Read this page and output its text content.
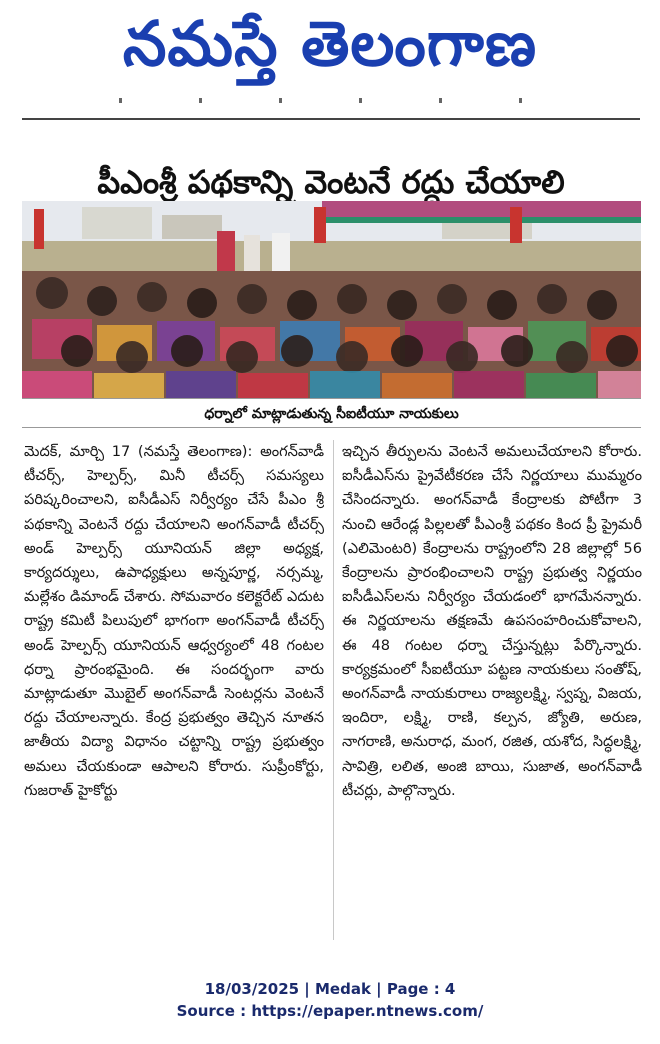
నమస్తే తెలంగాణ
పీఎంశ్రీ పథకాన్ని వెంటనే రద్దు చేయాలి
ధర్నాలో మాట్లాడుతున్న సీఐటీయూ నాయకులు

మెదక్, మార్చి 17 (నమస్తే తెలంగాణ): అంగన్‌వాడీ టీచర్స్, హెల్పర్స్, మినీ టీచర్స్ సమస్యలు పరిష్కరించాలని, ఐసీడీఎస్‌ నిర్వీర్యం చేసే పీఎం శ్రీ పథకాన్ని వెంటనే రద్దు చేయాలని అంగన్‌వాడీ టీచర్స్ అండ్ హెల్పర్స్ యూనియన్ జిల్లా అధ్యక్ష, కార్యదర్శులు, ఉపాధ్యక్షులు అన్నపూర్ణ, నర్సమ్మ, మల్లేశం డిమాండ్ చేశారు. సోమవారం కలెక్టరేట్ ఎదుట రాష్ట్ర కమిటీ పిలుపులో భాగంగా అంగన్‌వాడీ టీచర్స్ అండ్ హెల్పర్స్ యూనియన్ ఆధ్వర్యంలో 48 గంటల ధర్నా ప్రారంభమైంది. ఈ సందర్భంగా వారు మాట్లాడుతూ మొబైల్ అంగన్‌వాడీ సెంటర్లను వెంటనే రద్దు చేయాలన్నారు. కేంద్ర ప్రభుత్వం తెచ్చిన నూతన జాతీయ విద్యా విధానం చట్టాన్ని రాష్ట్ర ప్రభుత్వం అమలు చేయకుండా ఆపాలని కోరారు. సుప్రీంకోర్టు, గుజరాత్ హైకోర్టు

ఇచ్చిన తీర్పులను వెంటనే అమలుచేయాలని కోరారు. ఐసీడీఎస్‌ను ప్రైవేటీకరణ చేసే నిర్ణయాలు ముమ్మరం చేసిందన్నారు. అంగన్‌వాడీ కేంద్రాలకు పోటీగా 3 నుంచి ఆరేండ్ల పిల్లలతో పీఎంశ్రీ పథకం కింద ప్రీ ప్రైమరీ (ఎలిమెంటరి) కేంద్రాలను రాష్ట్రంలోని 28 జిల్లాల్లో 56 కేంద్రాలను ప్రారంభించాలని రాష్ట్ర ప్రభుత్వ నిర్ణయం ఐసీడీఎస్‌లను నిర్వీర్యం చేయడంలో భాగమేనన్నారు. ఈ నిర్ణయాలను తక్షణమే ఉపసంహరించుకోవాలని, ఈ 48 గంటల ధర్నా చేస్తున్నట్లు పేర్కొన్నారు. కార్యక్రమంలో సీఐటీయూ పట్టణ నాయకులు సంతోష్, అంగన్‌వాడీ నాయకురాలు రాజ్యలక్ష్మి, స్వప్న, విజయ, ఇందిరా, లక్ష్మి, రాణి, కల్పన, జ్యోతి, అరుణ, నాగరాణి, అనురాధ, మంగ, రజిత, యశోద, సిద్ధలక్ష్మి, సావిత్రి, లలిత, అంజి బాయి, సుజాత, అంగన్‌వాడీ టీచర్లు, పాల్గొన్నారు.

18/03/2025 | Medak | Page : 4
Source : https://epaper.ntnews.com/
